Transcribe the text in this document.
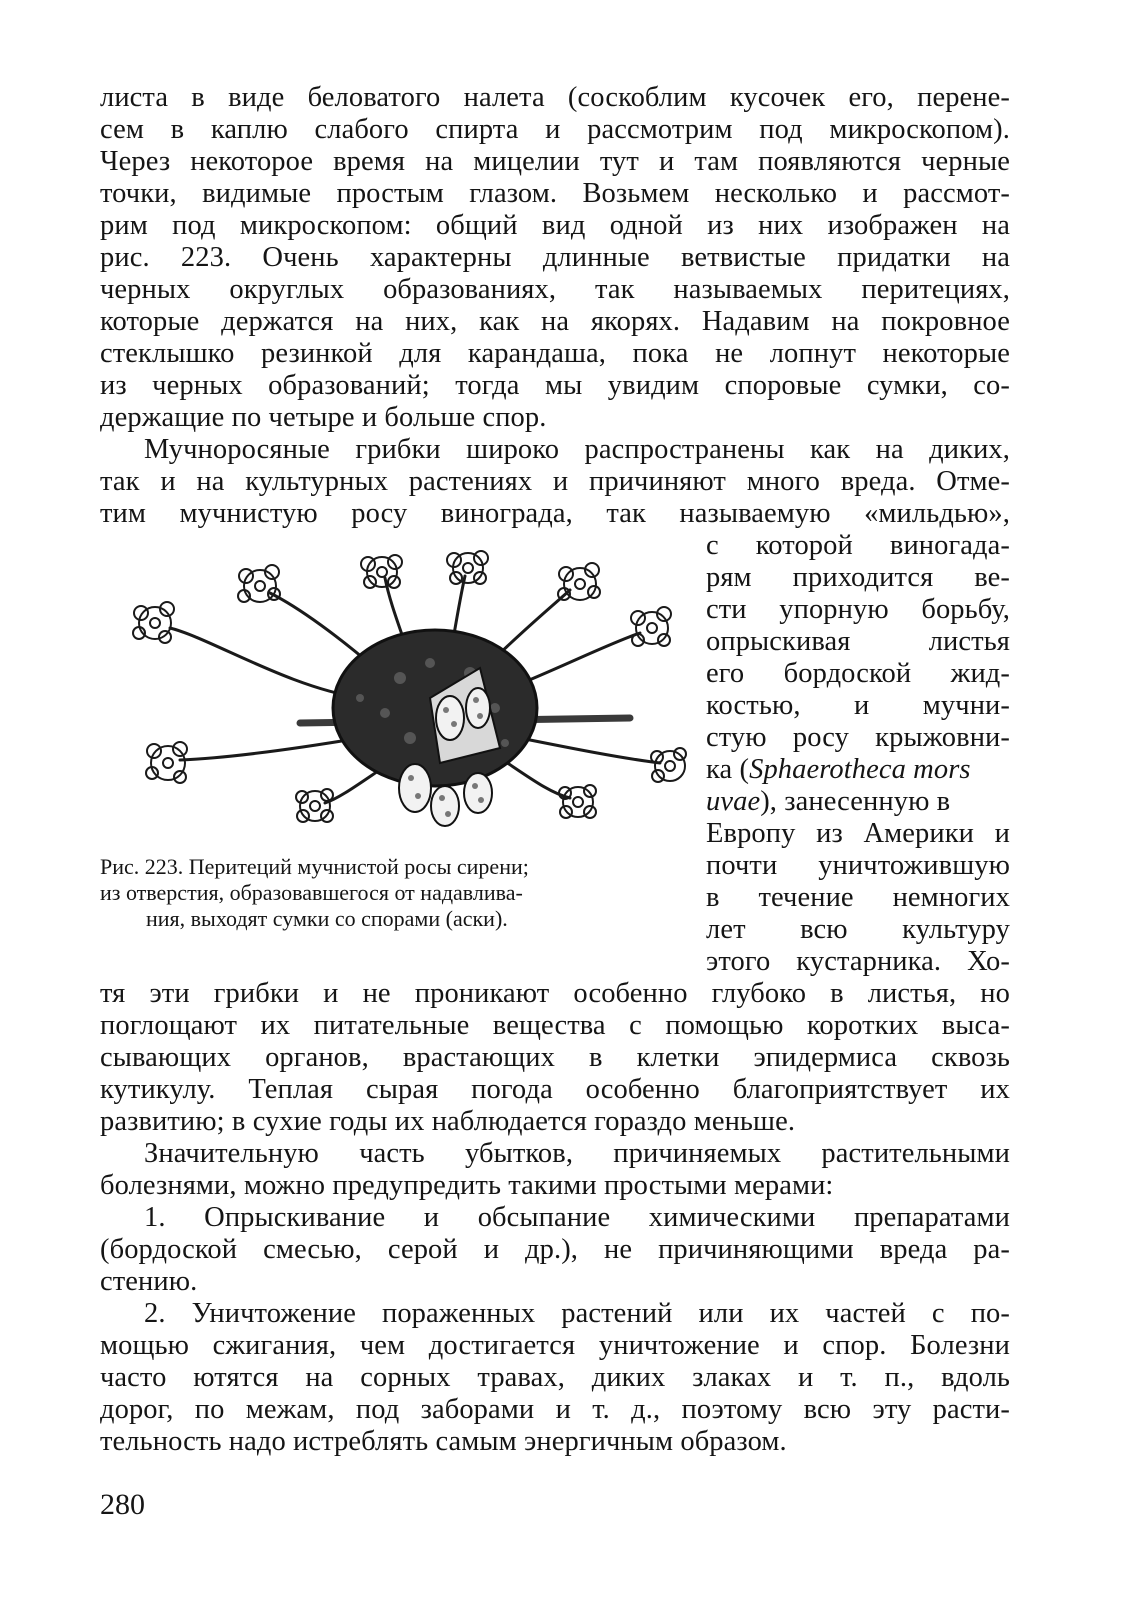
листа в виде беловатого налета (соскоблим кусочек его, перене-
сем в каплю слабого спирта и рассмотрим под микроскопом).
Через некоторое время на мицелии тут и там появляются черные
точки, видимые простым глазом. Возьмем несколько и рассмот-
рим под микроскопом: общий вид одной из них изображен на
рис. 223. Очень характерны длинные ветвистые придатки на
черных округлых образованиях, так называемых перитециях,
которые держатся на них, как на якорях. Надавим на покровное
стеклышко резинкой для карандаша, пока не лопнут некоторые
из черных образований; тогда мы увидим споровые сумки, со-
держащие по четыре и больше спор.
Мучноросяные грибки широко распространены как на диких,
так и на культурных растениях и причиняют много вреда. Отме-
тим мучнистую росу винограда, так называемую «мильдью»,
с которой виногада-
рям приходится ве-
сти упорную борьбу,
опрыскивая листья
его бордоской жид-
костью, и мучни-
стую росу крыжовни-
ка (Sphaerotheca mors
uvae), занесенную в
Европу из Америки и
почти уничтожившую
в течение немногих
лет всю культуру
этого кустарника. Хо-
тя эти грибки и не проникают особенно глубоко в листья, но
поглощают их питательные вещества с помощью коротких выса-
сывающих органов, врастающих в клетки эпидермиса сквозь
кутикулу. Теплая сырая погода особенно благоприятствует их
развитию; в сухие годы их наблюдается гораздо меньше.
Рис. 223. Перитеций мучнистой росы сирени;
из отверстия, образовавшегося от надавлива-
ния, выходят сумки со спорами (аски).
Значительную часть убытков, причиняемых растительными
болезнями, можно предупредить такими простыми мерами:
1. Опрыскивание и обсыпание химическими препаратами
(бордоской смесью, серой и др.), не причиняющими вреда ра-
стению.
2. Уничтожение пораженных растений или их частей с по-
мощью сжигания, чем достигается уничтожение и спор. Болезни
часто ютятся на сорных травах, диких злаках и т. п., вдоль
дорог, по межам, под заборами и т. д., поэтому всю эту расти-
тельность надо истреблять самым энергичным образом.
280
